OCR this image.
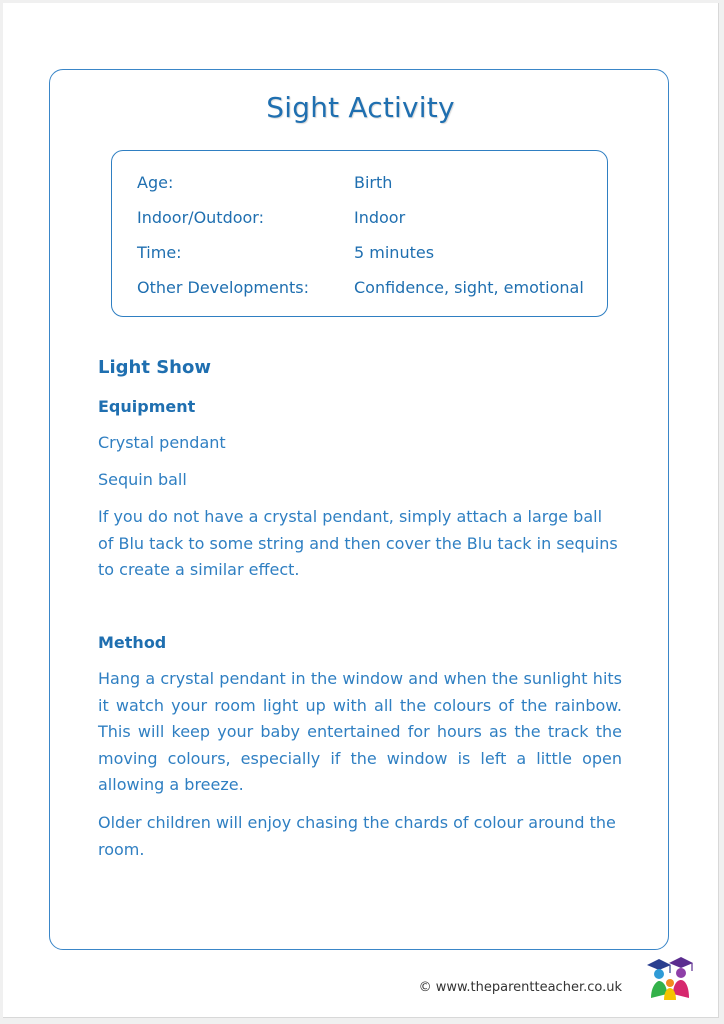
Sight Activity
Age:	Birth
Indoor/Outdoor:	Indoor
Time:	5 minutes
Other Developments:	Confidence, sight, emotional
Light Show
Equipment
Crystal pendant
Sequin ball
If you do not have a crystal pendant, simply attach a large ball of Blu tack to some string and then cover the Blu tack in sequins to create a similar effect.
Method
Hang a crystal pendant in the window and when the sunlight hits it watch your room light up with all the colours of the rainbow. This will keep your baby entertained for hours as the track the moving colours, especially if the window is left a little open allowing a breeze.
Older children will enjoy chasing the chards of colour around the room.
© www.theparentteacher.co.uk
